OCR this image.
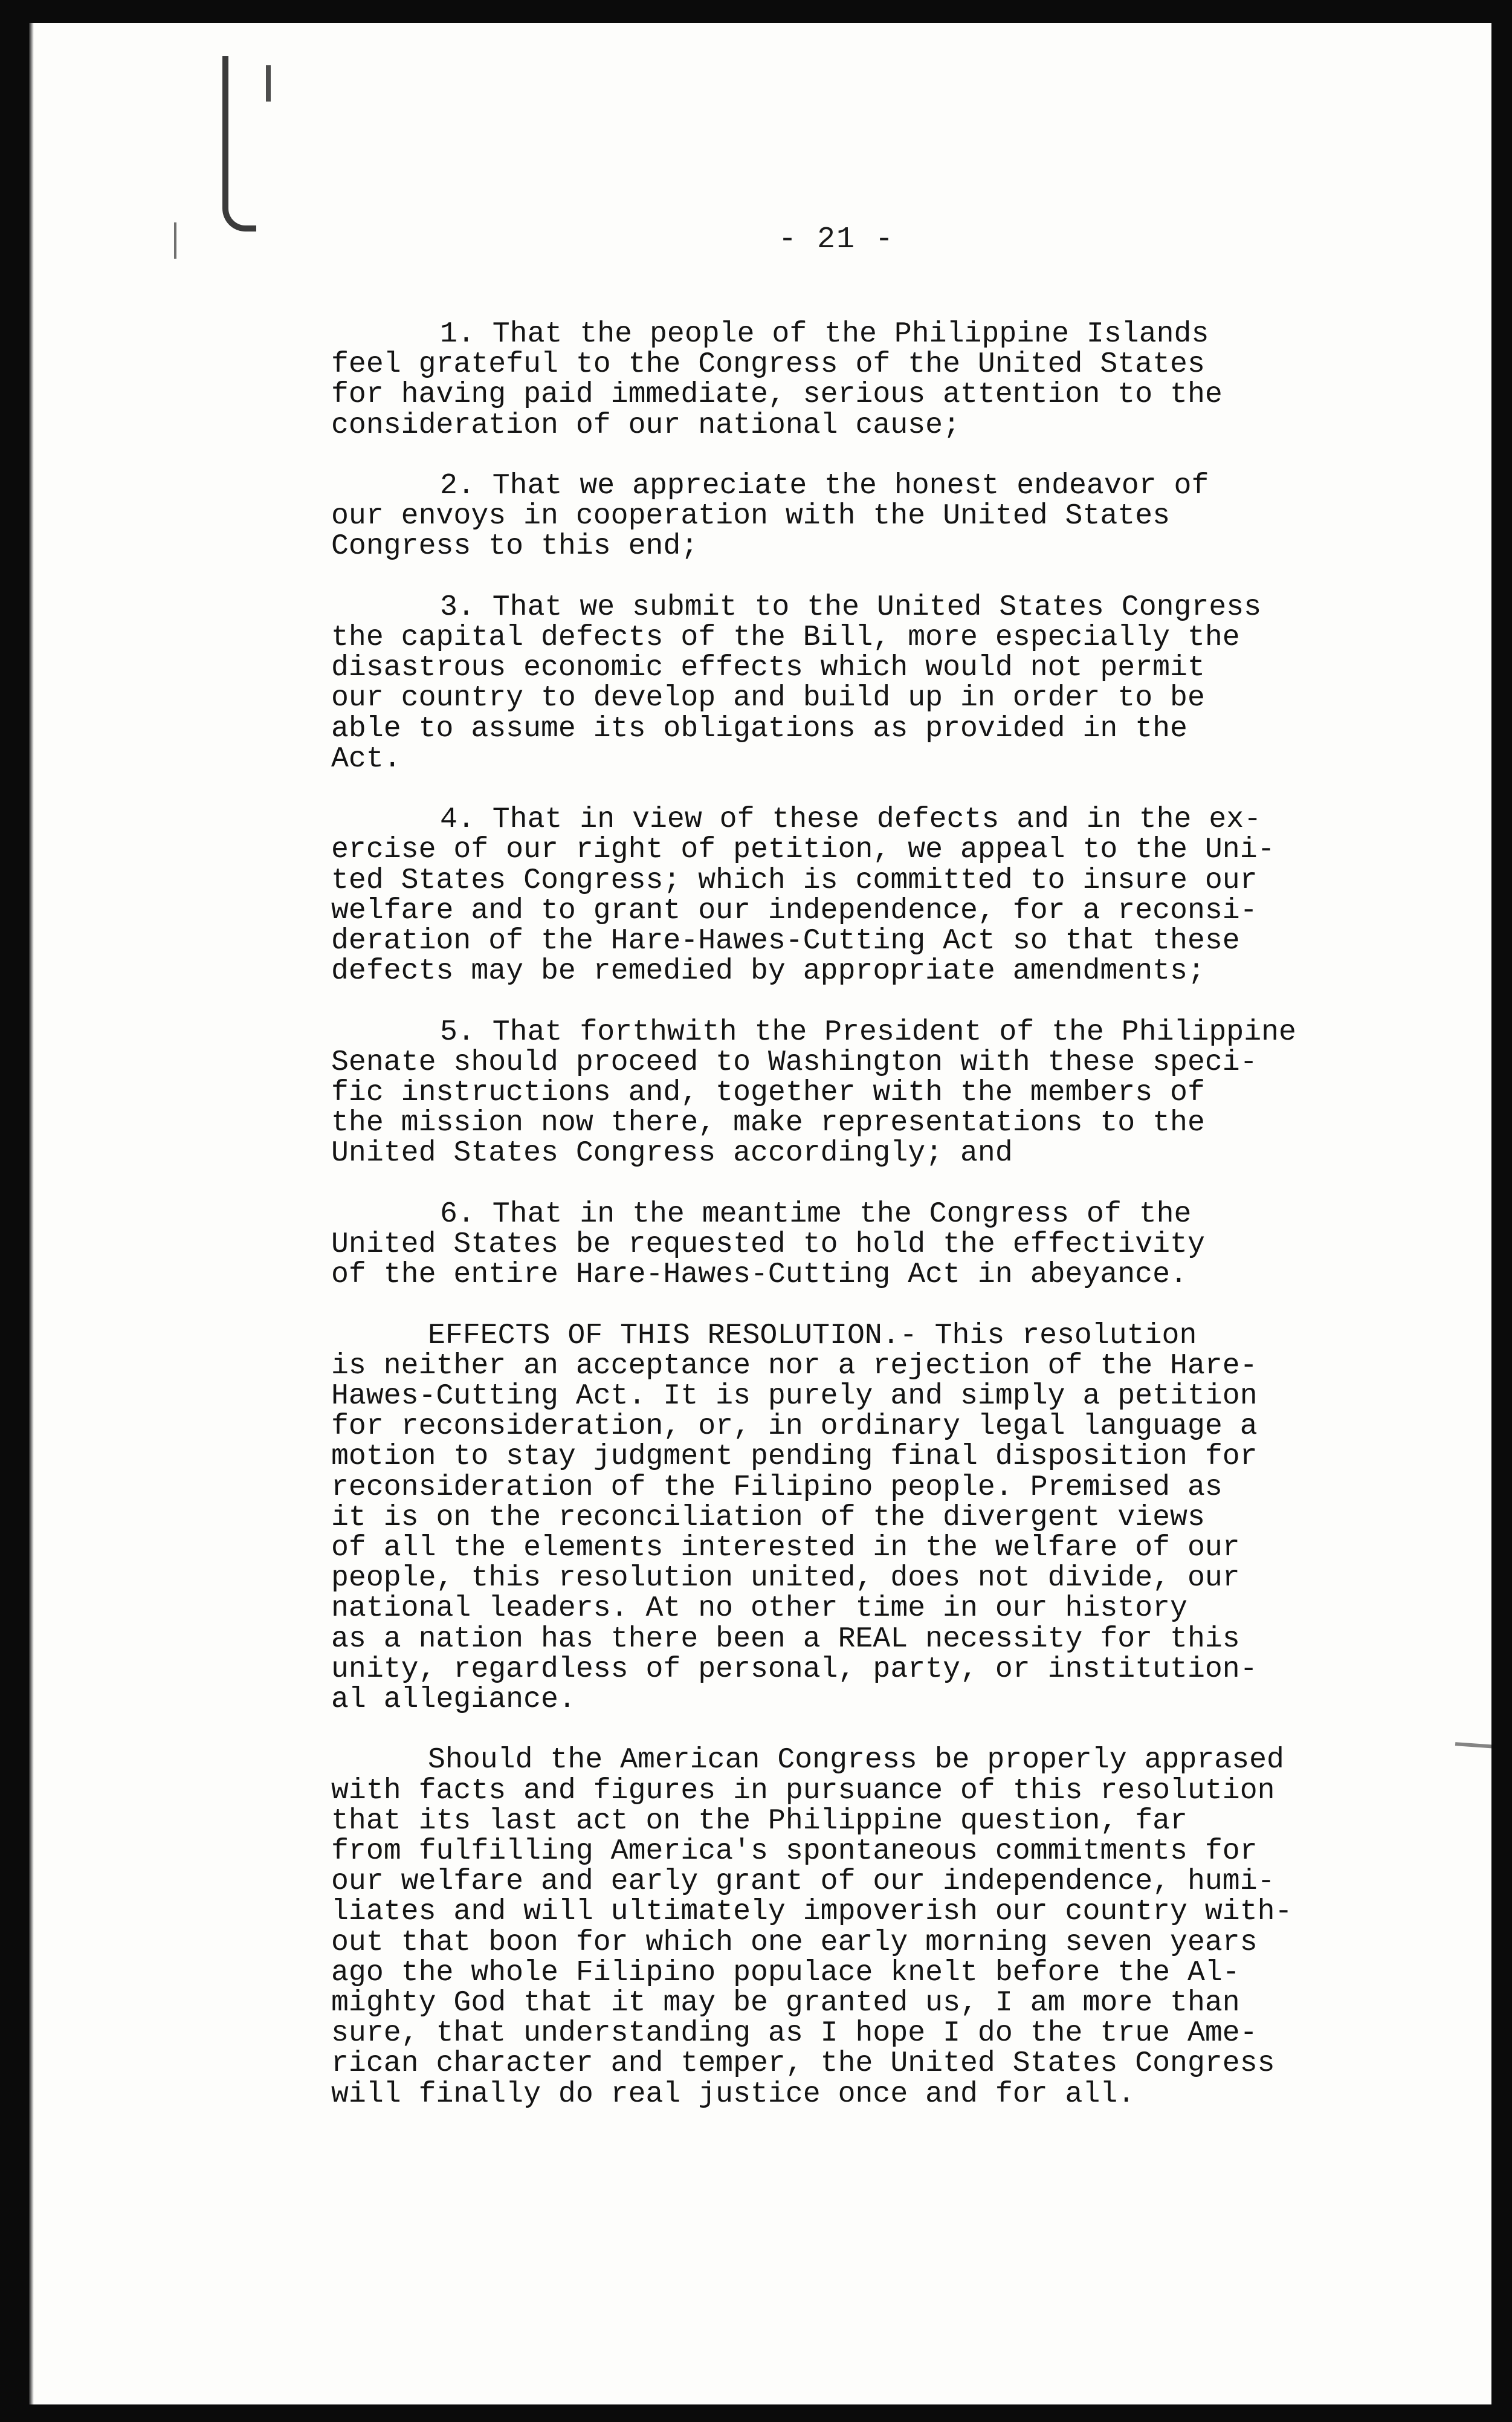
- 21 -
1. That the people of the Philippine Islands
feel grateful to the Congress of the United States
for having paid immediate, serious attention to the
consideration of our national cause;
2. That we appreciate the honest endeavor of
our envoys in cooperation with the United States
Congress to this end;
3. That we submit to the United States Congress
the capital defects of the Bill, more especially the
disastrous economic effects which would not permit
our country to develop and build up in order to be
able to assume its obligations as provided in the
Act.
4. That in view of these defects and in the ex-
ercise of our right of petition, we appeal to the Uni-
ted States Congress; which is committed to insure our
welfare and to grant our independence, for a reconsi-
deration of the Hare-Hawes-Cutting Act so that these
defects may be remedied by appropriate amendments;
5. That forthwith the President of the Philippine
Senate should proceed to Washington with these speci-
fic instructions and, together with the members of
the mission now there, make representations to the
United States Congress accordingly; and
6. That in the meantime the Congress of the
United States be requested to hold the effectivity
of the entire Hare-Hawes-Cutting Act in abeyance.
EFFECTS OF THIS RESOLUTION.- This resolution
is neither an acceptance nor a rejection of the Hare-
Hawes-Cutting Act. It is purely and simply a petition
for reconsideration, or, in ordinary legal language a
motion to stay judgment pending final disposition for
reconsideration of the Filipino people. Premised as
it is on the reconciliation of the divergent views
of all the elements interested in the welfare of our
people, this resolution united, does not divide, our
national leaders. At no other time in our history
as a nation has there been a REAL necessity for this
unity, regardless of personal, party, or institution-
al allegiance.
Should the American Congress be properly apprased
with facts and figures in pursuance of this resolution
that its last act on the Philippine question, far
from fulfilling America's spontaneous commitments for
our welfare and early grant of our independence, humi-
liates and will ultimately impoverish our country with-
out that boon for which one early morning seven years
ago the whole Filipino populace knelt before the Al-
mighty God that it may be granted us, I am more than
sure, that understanding as I hope I do the true Ame-
rican character and temper, the United States Congress
will finally do real justice once and for all.
